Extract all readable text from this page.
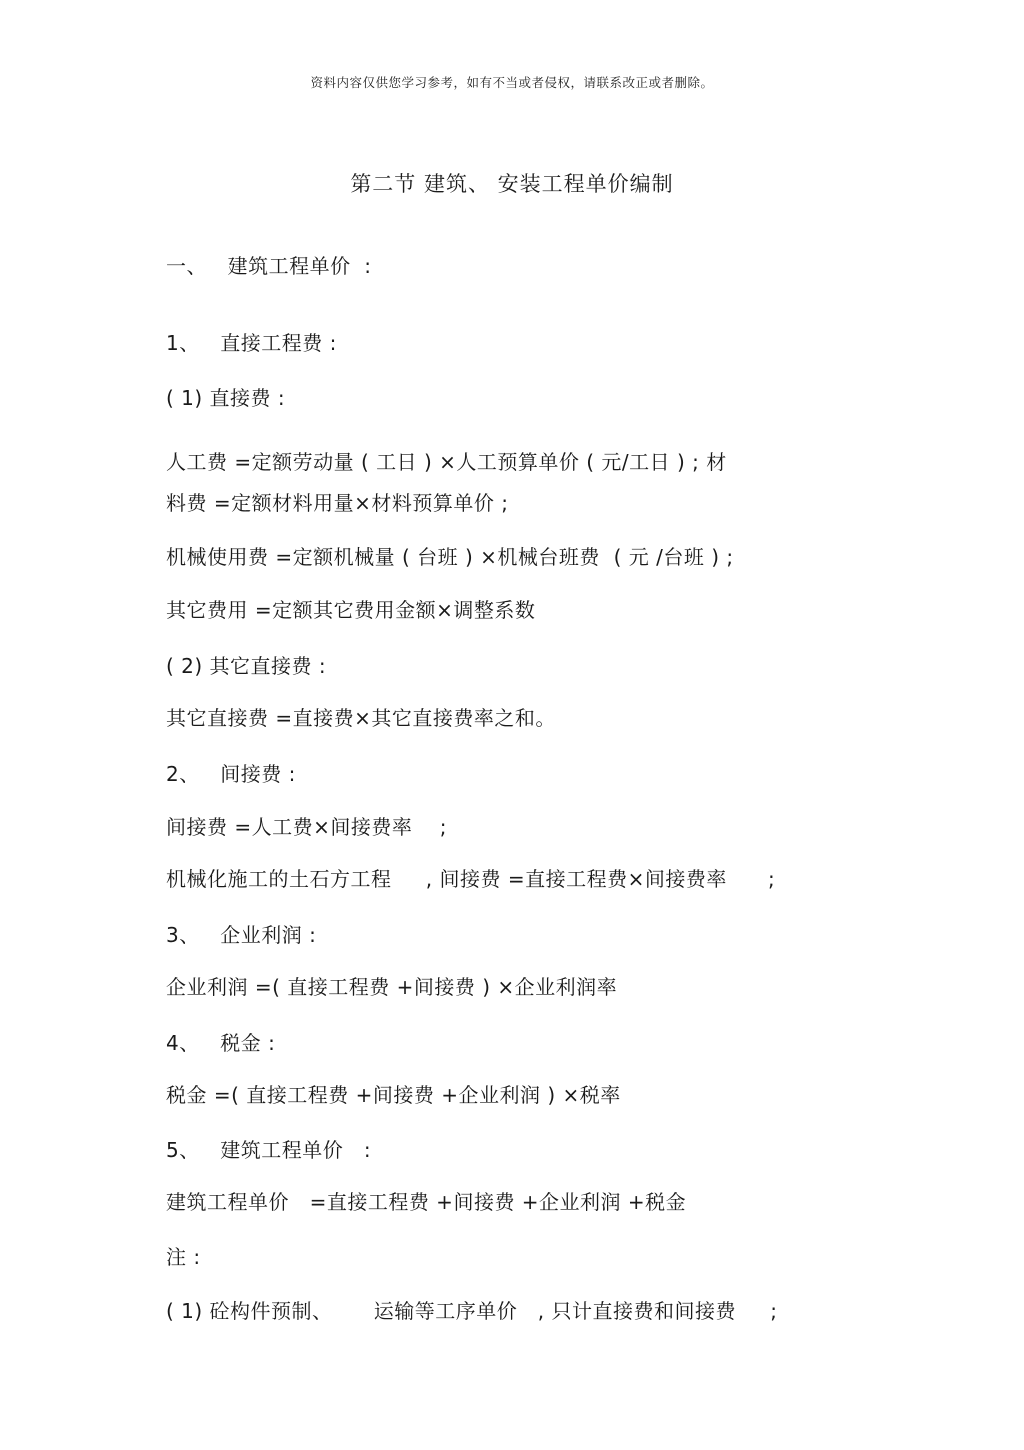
资料内容仅供您学习参考，如有不当或者侵权，请联系改正或者删除。
第二节 建筑、 安装工程单价编制
一、   建筑工程单价  :
1、   直接工程费 :
( 1) 直接费 :
人工费 =定额劳动量 ( 工日 ) ×人工预算单价 ( 元/工日 ) ; 材
料费 =定额材料用量×材料预算单价 ;
机械使用费 =定额机械量 ( 台班 ) ×机械台班费  ( 元 /台班 ) ;
其它费用 =定额其它费用金额×调整系数
( 2) 其它直接费 :
其它直接费 =直接费×其它直接费率之和。
2、   间接费 :
间接费 =人工费×间接费率    ;
机械化施工的土石方工程     , 间接费 =直接工程费×间接费率      ;
3、   企业利润 :
企业利润 =( 直接工程费 +间接费 ) ×企业利润率
4、   税金 :
税金 =( 直接工程费 +间接费 +企业利润 ) ×税率
5、   建筑工程单价   :
建筑工程单价   =直接工程费 +间接费 +企业利润 +税金
注 :
( 1) 砼构件预制、      运输等工序单价   , 只计直接费和间接费     ;
